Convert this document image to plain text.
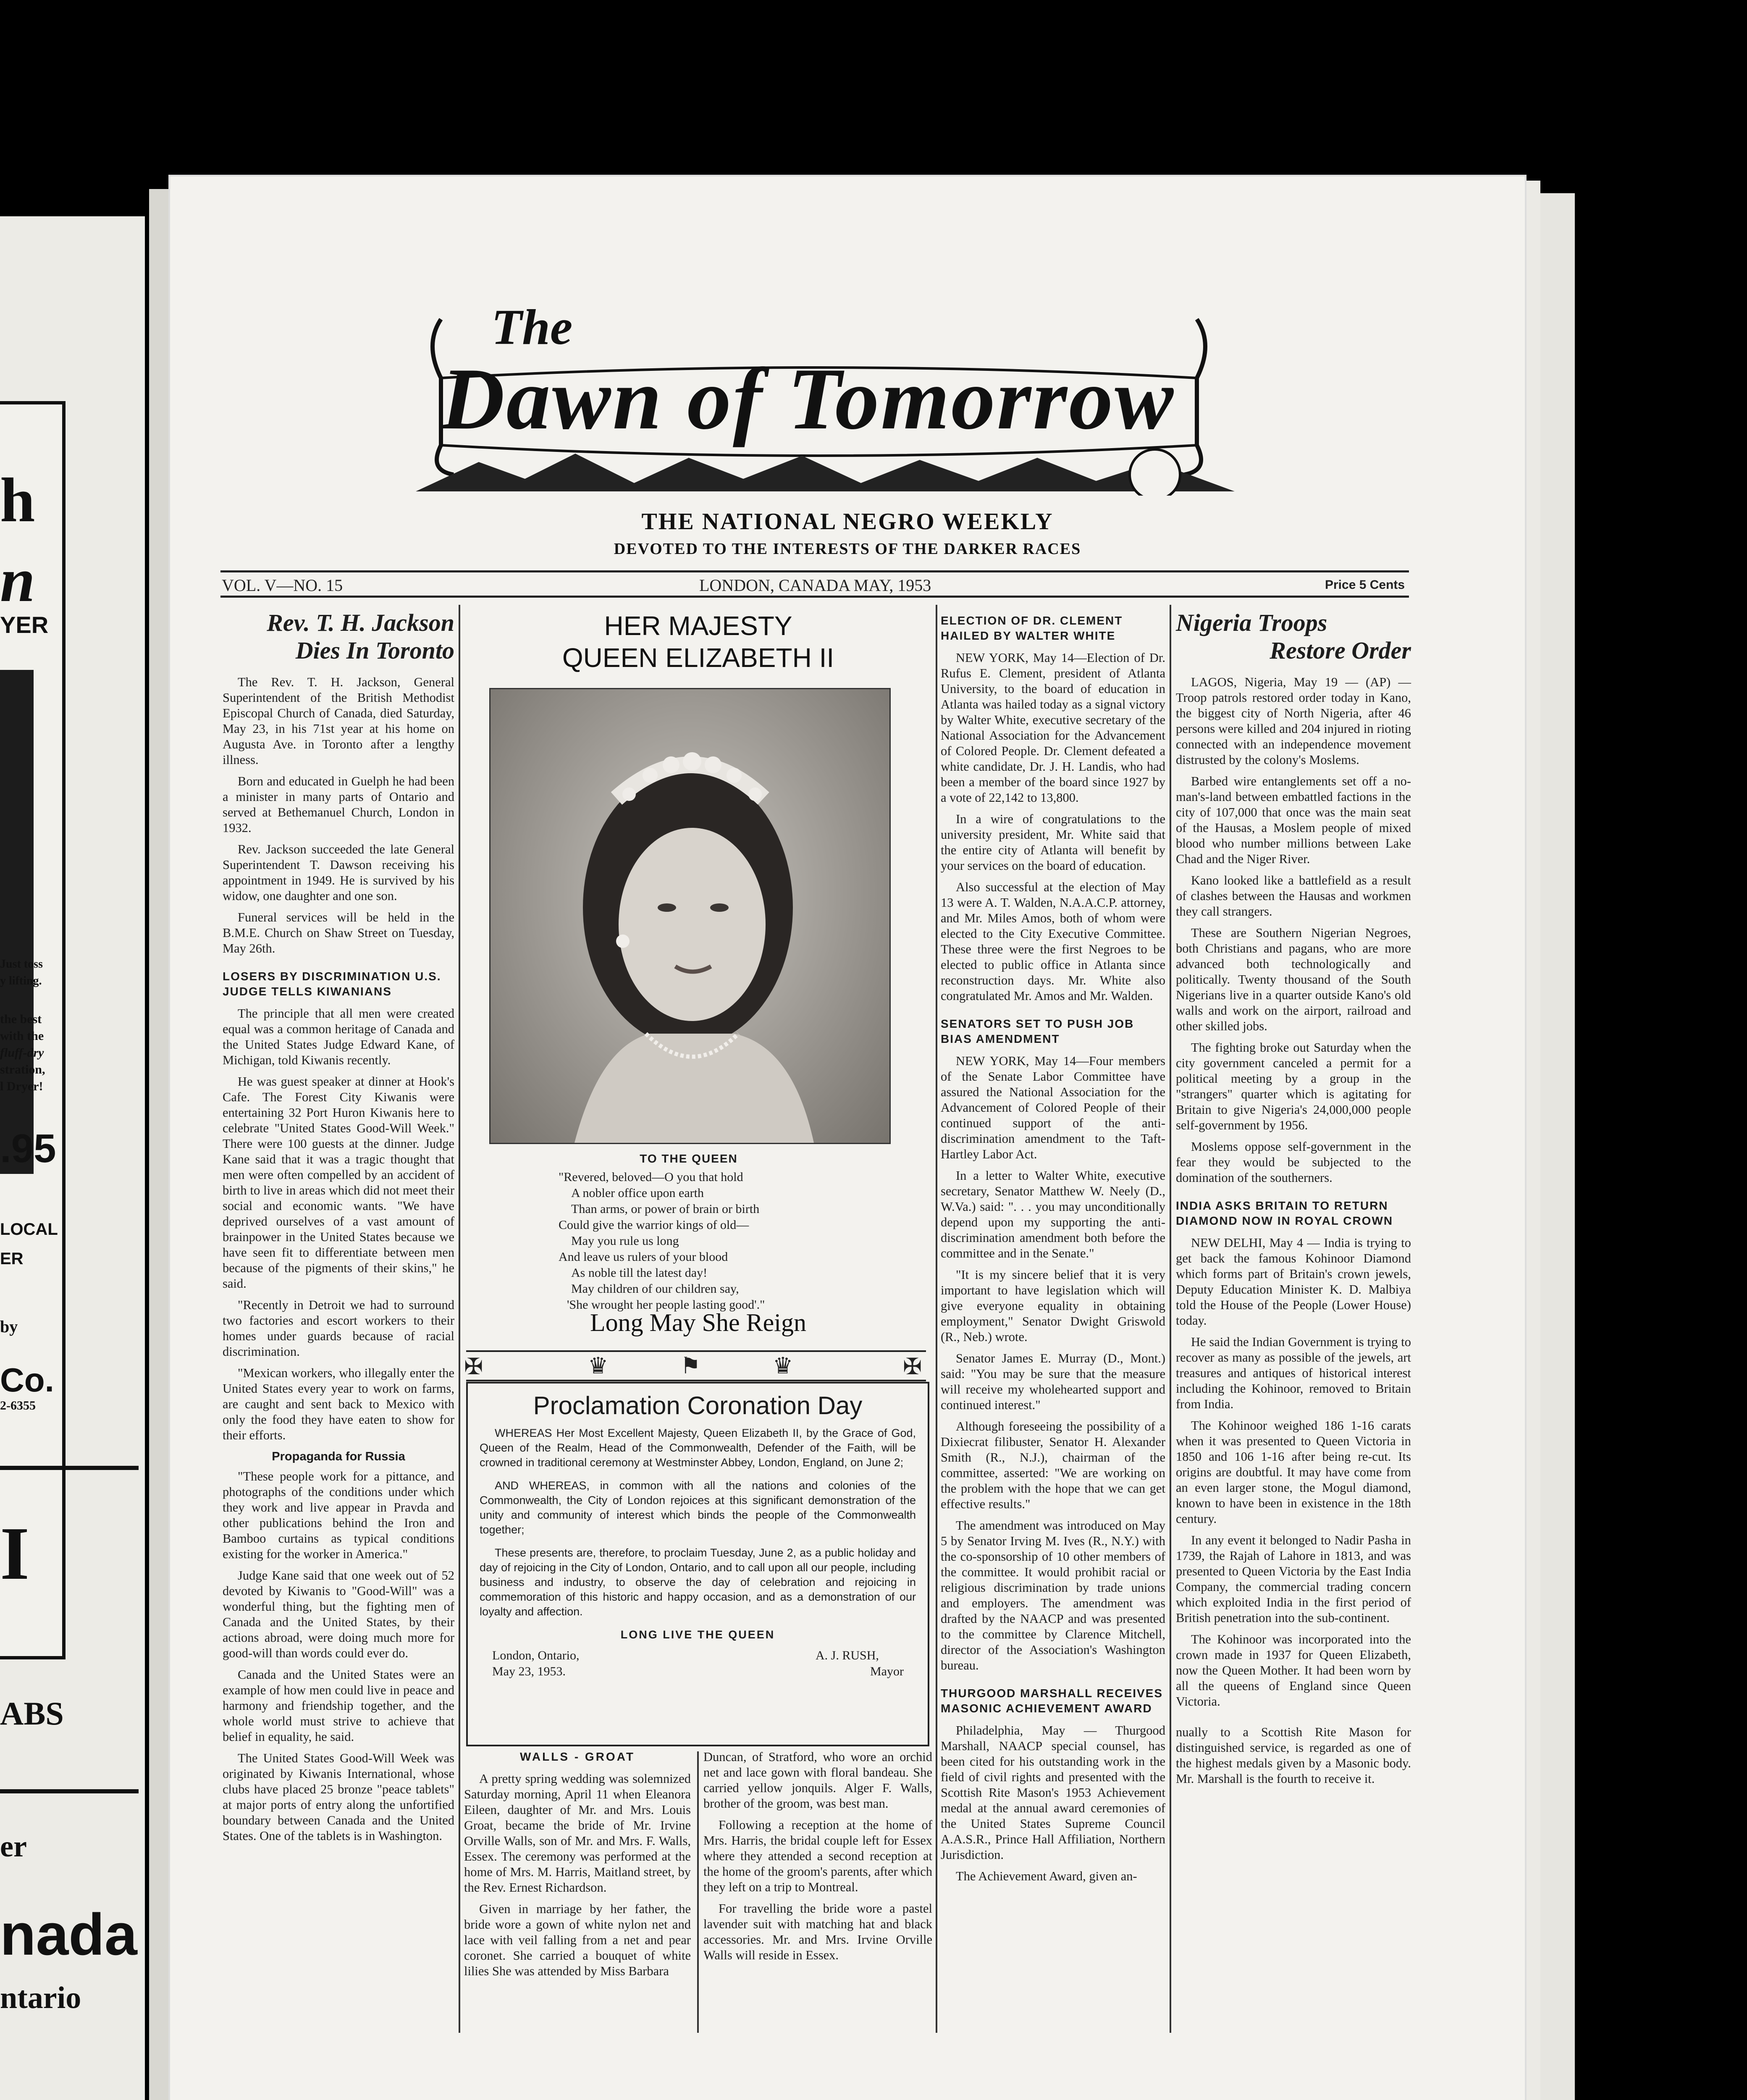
h
n
YER
Just toss
y lifting.
the best
with the
fluff-dry
stration,
l Dryer!
.95
LOCAL
ER
by
Co.
2-6355
I
ABS
er
nada
ntario
The
Dawn of Tomorrow
THE NATIONAL NEGRO WEEKLY
DEVOTED TO THE INTERESTS OF THE DARKER RACES
VOL. V—NO. 15	LONDON, CANADA MAY, 1953	Price 5 Cents
Rev. T. H. Jackson
Dies In Toronto

The Rev. T. H. Jackson, General Superintendent of the British Methodist Episcopal Church of Canada, died Saturday, May 23, in his 71st year at his home on Augusta Ave. in Toronto after a lengthy illness.

Born and educated in Guelph he had been a minister in many parts of Ontario and served at Bethemanuel Church, London in 1932.

Rev. Jackson succeeded the late General Superintendent T. Dawson receiving his appointment in 1949. He is survived by his widow, one daughter and one son.

Funeral services will be held in the B.M.E. Church on Shaw Street on Tuesday, May 26th.

LOSERS BY DISCRIMINATION U.S. JUDGE TELLS KIWANIANS

The principle that all men were created equal was a common heritage of Canada and the United States Judge Edward Kane, of Michigan, told Kiwanis recently.

He was guest speaker at dinner at Hook's Cafe. The Forest City Kiwanis were entertaining 32 Port Huron Kiwanis here to celebrate "United States Good-Will Week." There were 100 guests at the dinner. Judge Kane said that it was a tragic thought that men were often compelled by an accident of birth to live in areas which did not meet their social and economic wants. "We have deprived ourselves of a vast amount of brainpower in the United States because we have seen fit to differentiate between men because of the pigments of their skins," he said.

"Recently in Detroit we had to surround two factories and escort workers to their homes under guards because of racial discrimination.

"Mexican workers, who illegally enter the United States every year to work on farms, are caught and sent back to Mexico with only the food they have eaten to show for their efforts.

Propaganda for Russia

"These people work for a pittance, and photographs of the conditions under which they work and live appear in Pravda and other publications behind the Iron and Bamboo curtains as typical conditions existing for the worker in America."

Judge Kane said that one week out of 52 devoted by Kiwanis to "Good-Will" was a wonderful thing, but the fighting men of Canada and the United States, by their actions abroad, were doing much more for good-will than words could ever do.

Canada and the United States were an example of how men could live in peace and harmony and friendship together, and the whole world must strive to achieve that belief in equality, he said.

The United States Good-Will Week was originated by Kiwanis International, whose clubs have placed 25 bronze "peace tablets" at major ports of entry along the unfortified boundary between Canada and the United States. One of the tablets is in Washington.

HER MAJESTY
QUEEN ELIZABETH II
TO THE QUEEN
"Revered, beloved—O you that hold
A nobler office upon earth
Than arms, or power of brain or birth
Could give the warrior kings of old—
May you rule us long
And leave us rulers of your blood
As noble till the latest day!
May children of our children say,
'She wrought her people lasting good'."
Long May She Reign
✠	♛	⚑	♛	✠
Proclamation Coronation Day

WHEREAS Her Most Excellent Majesty, Queen Elizabeth II, by the Grace of God, Queen of the Realm, Head of the Commonwealth, Defender of the Faith, will be crowned in traditional ceremony at Westminster Abbey, London, England, on June 2;

AND WHEREAS, in common with all the nations and colonies of the Commonwealth, the City of London rejoices at this significant demonstration of the unity and community of interest which binds the people of the Commonwealth together;

These presents are, therefore, to proclaim Tuesday, June 2, as a public holiday and day of rejoicing in the City of London, Ontario, and to call upon all our people, including business and industry, to observe the day of celebration and rejoicing in commemoration of this historic and happy occasion, and as a demonstration of our loyalty and affection.

LONG LIVE THE QUEEN
London, Ontario,
May 23, 1953.
A. J. RUSH,
Mayor
WALLS - GROAT

A pretty spring wedding was solemnized Saturday morning, April 11 when Eleanora Eileen, daughter of Mr. and Mrs. Louis Groat, became the bride of Mr. Irvine Orville Walls, son of Mr. and Mrs. F. Walls, Essex. The ceremony was performed at the home of Mrs. M. Harris, Maitland street, by the Rev. Ernest Richardson.

Given in marriage by her father, the bride wore a gown of white nylon net and lace with veil falling from a net and pear coronet. She carried a bouquet of white lilies She was attended by Miss Barbara

Duncan, of Stratford, who wore an orchid net and lace gown with floral bandeau. She carried yellow jonquils. Alger F. Walls, brother of the groom, was best man.

Following a reception at the home of Mrs. Harris, the bridal couple left for Essex where they attended a second reception at the home of the groom's parents, after which they left on a trip to Montreal.

For travelling the bride wore a pastel lavender suit with matching hat and black accessories. Mr. and Mrs. Irvine Orville Walls will reside in Essex.

ELECTION OF DR. CLEMENT HAILED BY WALTER WHITE

NEW YORK, May 14—Election of Dr. Rufus E. Clement, president of Atlanta University, to the board of education in Atlanta was hailed today as a signal victory by Walter White, executive secretary of the National Association for the Advancement of Colored People. Dr. Clement defeated a white candidate, Dr. J. H. Landis, who had been a member of the board since 1927 by a vote of 22,142 to 13,800.

In a wire of congratulations to the university president, Mr. White said that the entire city of Atlanta will benefit by your services on the board of education.

Also successful at the election of May 13 were A. T. Walden, N.A.A.C.P. attorney, and Mr. Miles Amos, both of whom were elected to the City Executive Committee. These three were the first Negroes to be elected to public office in Atlanta since reconstruction days. Mr. White also congratulated Mr. Amos and Mr. Walden.

SENATORS SET TO PUSH JOB BIAS AMENDMENT

NEW YORK, May 14—Four members of the Senate Labor Committee have assured the National Association for the Advancement of Colored People of their continued support of the anti-discrimination amendment to the Taft-Hartley Labor Act.

In a letter to Walter White, executive secretary, Senator Matthew W. Neely (D., W.Va.) said: ". . . you may unconditionally depend upon my supporting the anti-discrimination amendment both before the committee and in the Senate."

"It is my sincere belief that it is very important to have legislation which will give everyone equality in obtaining employment," Senator Dwight Griswold (R., Neb.) wrote.

Senator James E. Murray (D., Mont.) said: "You may be sure that the measure will receive my wholehearted support and continued interest."

Although foreseeing the possibility of a Dixiecrat filibuster, Senator H. Alexander Smith (R., N.J.), chairman of the committee, asserted: "We are working on the problem with the hope that we can get effective results."

The amendment was introduced on May 5 by Senator Irving M. Ives (R., N.Y.) with the co-sponsorship of 10 other members of the committee. It would prohibit racial or religious discrimination by trade unions and employers. The amendment was drafted by the NAACP and was presented to the committee by Clarence Mitchell, director of the Association's Washington bureau.

THURGOOD MARSHALL RECEIVES MASONIC ACHIEVEMENT AWARD

Philadelphia, May — Thurgood Marshall, NAACP special counsel, has been cited for his outstanding work in the field of civil rights and presented with the Scottish Rite Mason's 1953 Achievement medal at the annual award ceremonies of the United States Supreme Council A.A.S.R., Prince Hall Affiliation, Northern Jurisdiction.

The Achievement Award, given an-

Nigeria Troops
Restore Order

LAGOS, Nigeria, May 19 — (AP) — Troop patrols restored order today in Kano, the biggest city of North Nigeria, after 46 persons were killed and 204 injured in rioting connected with an independence movement distrusted by the colony's Moslems.

Barbed wire entanglements set off a no-man's-land between embattled factions in the city of 107,000 that once was the main seat of the Hausas, a Moslem people of mixed blood who number millions between Lake Chad and the Niger River.

Kano looked like a battlefield as a result of clashes between the Hausas and workmen they call strangers.

These are Southern Nigerian Negroes, both Christians and pagans, who are more advanced both technologically and politically. Twenty thousand of the South Nigerians live in a quarter outside Kano's old walls and work on the airport, railroad and other skilled jobs.

The fighting broke out Saturday when the city government canceled a permit for a political meeting by a group in the "strangers" quarter which is agitating for Britain to give Nigeria's 24,000,000 people self-government by 1956.

Moslems oppose self-government in the fear they would be subjected to the domination of the southerners.

INDIA ASKS BRITAIN TO RETURN DIAMOND NOW IN ROYAL CROWN

NEW DELHI, May 4 — India is trying to get back the famous Kohinoor Diamond which forms part of Britain's crown jewels, Deputy Education Minister K. D. Malbiya told the House of the People (Lower House) today.

He said the Indian Government is trying to recover as many as possible of the jewels, art treasures and antiques of historical interest including the Kohinoor, removed to Britain from India.

The Kohinoor weighed 186 1-16 carats when it was presented to Queen Victoria in 1850 and 106 1-16 after being re-cut. Its origins are doubtful. It may have come from an even larger stone, the Mogul diamond, known to have been in existence in the 18th century.

In any event it belonged to Nadir Pasha in 1739, the Rajah of Lahore in 1813, and was presented to Queen Victoria by the East India Company, the commercial trading concern which exploited India in the first period of British penetration into the sub-continent.

The Kohinoor was incorporated into the crown made in 1937 for Queen Elizabeth, now the Queen Mother. It had been worn by all the queens of England since Queen Victoria.

nually to a Scottish Rite Mason for distinguished service, is regarded as one of the highest medals given by a Masonic body. Mr. Marshall is the fourth to receive it.
